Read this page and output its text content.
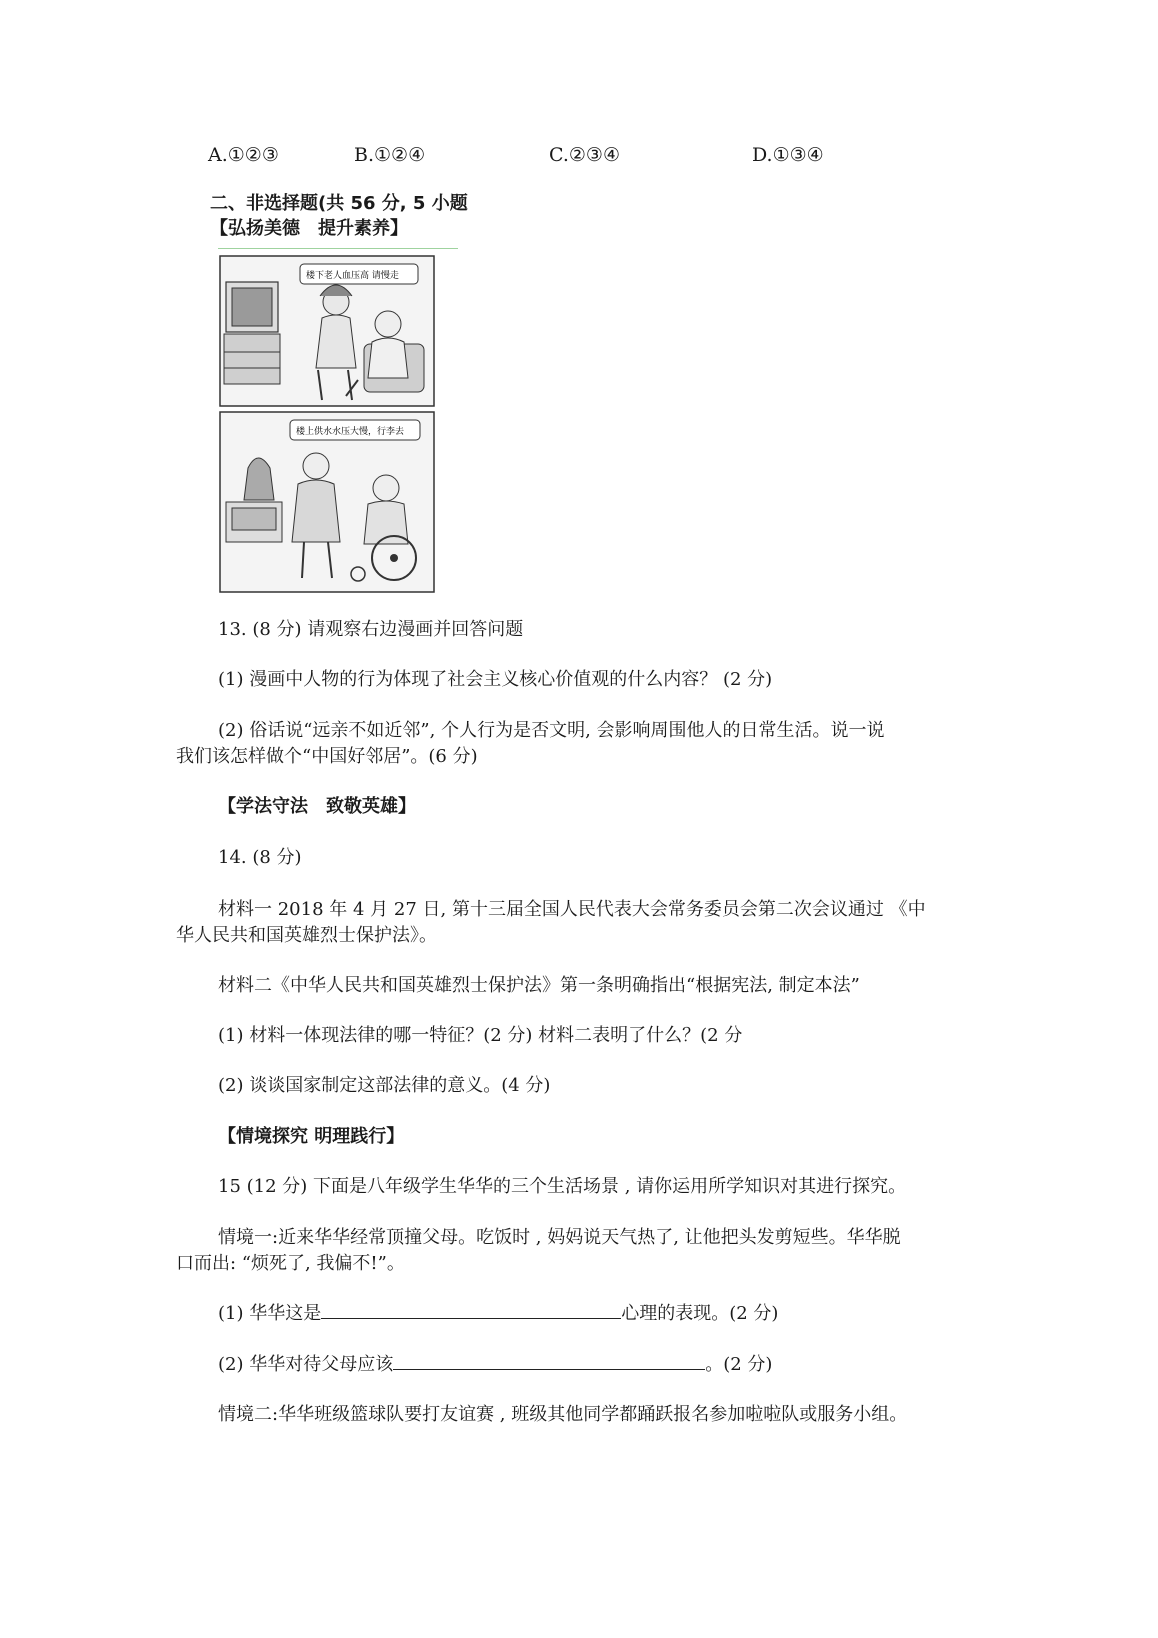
A.①②③	B.①②④	C.②③④	D.①③④
二、非选择题(共 56 分, 5 小题
【弘扬美德　提升素养】
楼下老人血压高 请慢走
楼上供水水压大慢，行李去
13. (8 分) 请观察右边漫画并回答问题
(1) 漫画中人物的行为体现了社会主义核心价值观的什么内容？ (2 分)
(2) 俗话说“远亲不如近邻”, 个人行为是否文明, 会影响周围他人的日常生活。说一说
我们该怎样做个“中国好邻居”。(6 分)
【学法守法　致敬英雄】
14. (8 分)
材料一 2018 年 4 月 27 日, 第十三届全国人民代表大会常务委员会第二次会议通过 《中
华人民共和国英雄烈士保护法》。
材料二《中华人民共和国英雄烈士保护法》第一条明确指出“根据宪法, 制定本法”
(1) 材料一体现法律的哪一特征？(2 分) 材料二表明了什么？(2 分
(2) 谈谈国家制定这部法律的意义。(4 分)
【情境探究 明理践行】
15 (12 分) 下面是八年级学生华华的三个生活场景 , 请你运用所学知识对其进行探究。
情境一:近来华华经常顶撞父母。吃饭时 , 妈妈说天气热了, 让他把头发剪短些。华华脱
口而出: “烦死了, 我偏不!”。
(1) 华华这是	心理的表现。(2 分)
(2) 华华对待父母应该	。(2 分)
情境二:华华班级篮球队要打友谊赛 , 班级其他同学都踊跃报名参加啦啦队或服务小组。
